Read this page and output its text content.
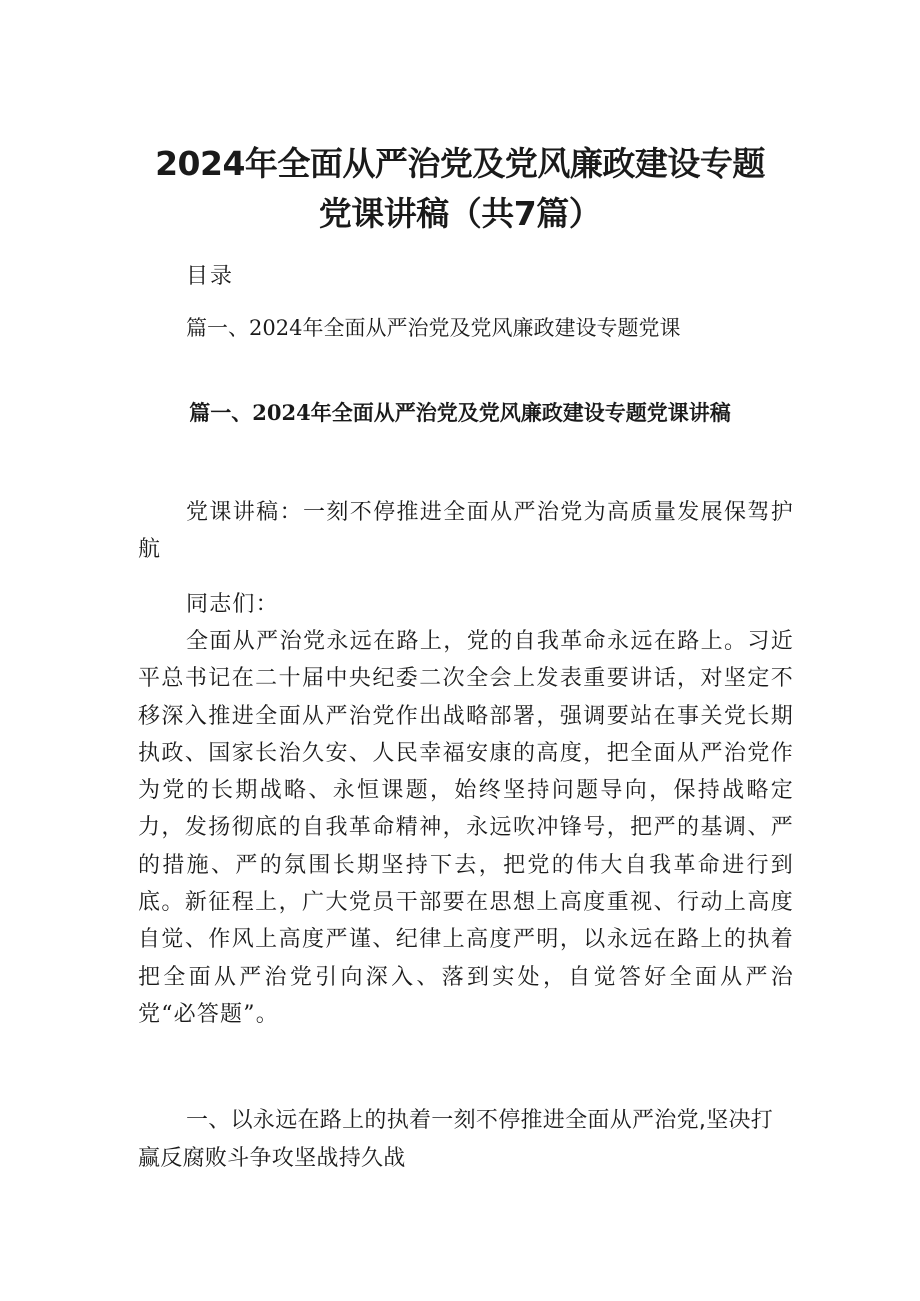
2024年全面从严治党及党风廉政建设专题
党课讲稿（共7篇）
目录
篇一、2024年全面从严治党及党风廉政建设专题党课
篇一、2024年全面从严治党及党风廉政建设专题党课讲稿
党课讲稿：一刻不停推进全面从严治党为高质量发展保驾护航
同志们：
全面从严治党永远在路上，党的自我革命永远在路上。习近平总书记在二十届中央纪委二次全会上发表重要讲话，对坚定不移深入推进全面从严治党作出战略部署，强调要站在事关党长期执政、国家长治久安、人民幸福安康的高度，把全面从严治党作为党的长期战略、永恒课题，始终坚持问题导向，保持战略定力，发扬彻底的自我革命精神，永远吹冲锋号，把严的基调、严的措施、严的氛围长期坚持下去，把党的伟大自我革命进行到底。新征程上，广大党员干部要在思想上高度重视、行动上高度自觉、作风上高度严谨、纪律上高度严明，以永远在路上的执着把全面从严治党引向深入、落到实处，自觉答好全面从严治党“必答题”。
一、以永远在路上的执着一刻不停推进全面从严治党,坚决打赢反腐败斗争攻坚战持久战
